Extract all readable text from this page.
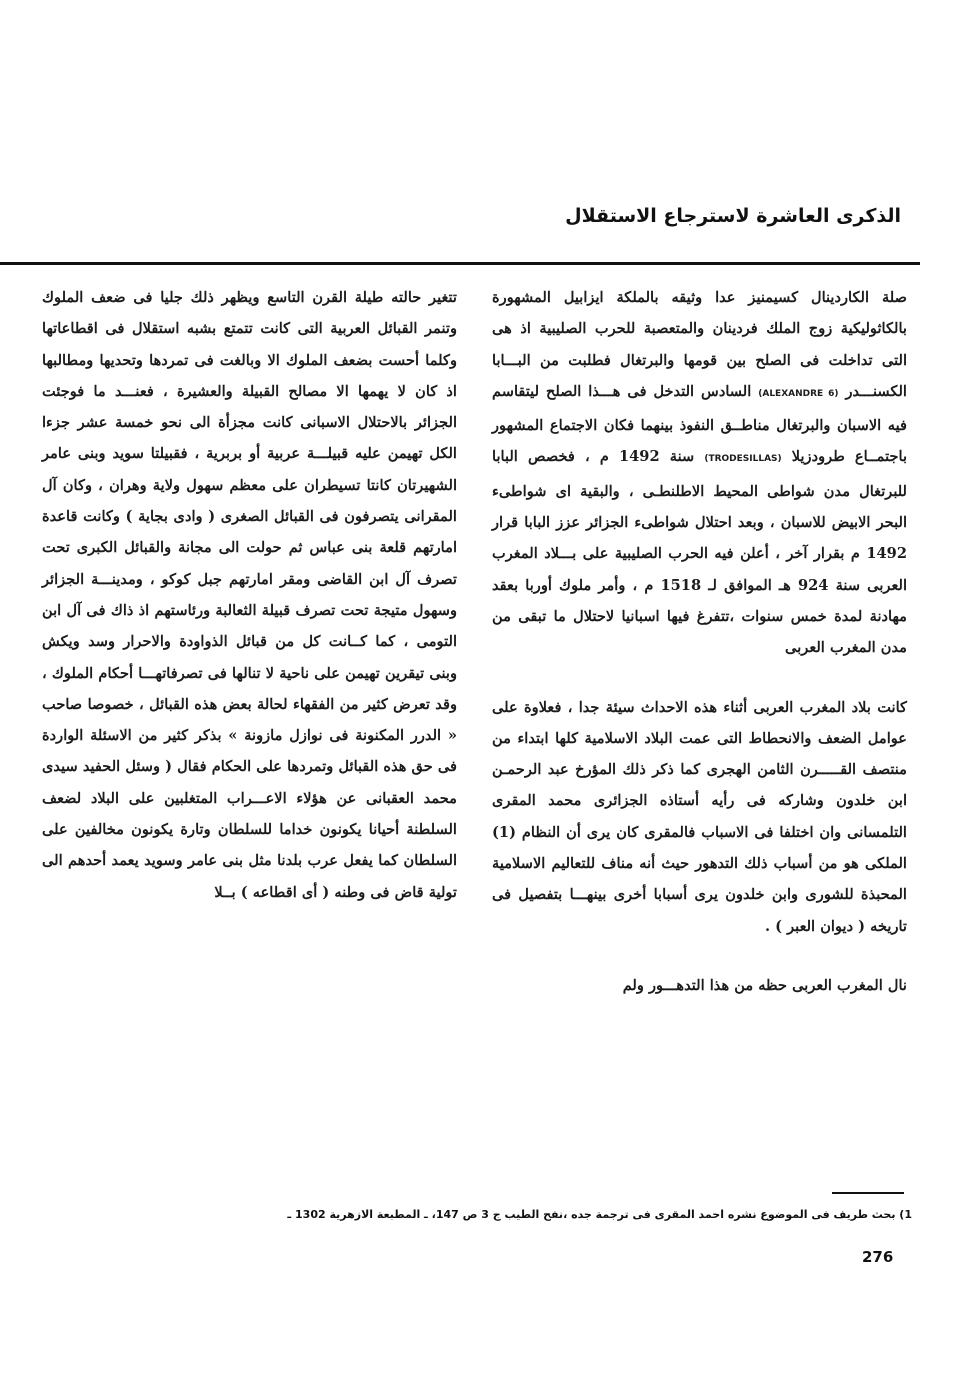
الذكرى العاشرة لاسترجاع الاستقلال

صلة الكاردينال كسيمنيز عدا وثيقه بالملكة ايزابيل المشهورة بالكاثوليكية زوج الملك فردينان والمتعصبة للحرب الصليبية اذ هى التى تداخلت فى الصلح بين قومها والبرتغال فطلبت من البـــابا الكسنـــدر (ALEXANDRE 6) السادس التدخل فى هـــذا الصلح ليتقاسم فيه الاسبان والبرتغال مناطــق النفوذ بينهما فكان الاجتماع المشهور باجتمــاع طرودزيلا (TRODESILLAS) سنة 1492 م ، فخصص البابا للبرتغال مدن شواطى المحيط الاطلنطـى ، والبقية اى شواطىء البحر الابيض للاسبان ، وبعد احتلال شواطىء الجزائر عزز البابا قرار 1492 م بقرار آخر ، أعلن فيه الحرب الصليبية على بـــلاد المغرب العربى سنة 924 هـ الموافق لـ 1518 م ، وأمر ملوك أوربا بعقد مهادنة لمدة خمس سنوات ،تتفرغ فيها اسبانيا لاحتلال ما تبقى من مدن المغرب العربى

كانت بلاد المغرب العربى أثناء هذه الاحداث سيئة جدا ، فعلاوة على عوامل الضعف والانحطاط التى عمت البلاد الاسلامية كلها ابتداء من منتصف القـــــرن الثامن الهجرى كما ذكر ذلك المؤرخ عبد الرحمـن ابن خلدون وشاركه فى رأيه أستاذه الجزائرى محمد المقرى التلمسانى وان اختلفا فى الاسباب فالمقرى كان يرى أن النظام (1) الملكى هو من أسباب ذلك التدهور حيث أنه مناف للتعاليم الاسلامية المحبذة للشورى وابن خلدون يرى أسبابا أخرى بينهـــا بتفصيل فى تاريخه ( ديوان العبر ) .

نال المغرب العربى حظه من هذا التدهـــور ولم

تتغير حالته طيلة القرن التاسع ويظهر ذلك جليا فى ضعف الملوك وتنمر القبائل العربية التى كانت تتمتع بشبه استقلال فى اقطاعاتها وكلما أحست بضعف الملوك الا وبالغت فى تمردها وتحديها ومطالبها اذ كان لا يهمها الا مصالح القبيلة والعشيرة ، فعنـــد ما فوجئت الجزائر بالاحتلال الاسبانى كانت مجزأة الى نحو خمسة عشر جزءا الكل تهيمن عليه قبيلـــة عربية أو بربرية ، فقبيلتا سويد وبنى عامر الشهيرتان كانتا تسيطران على معظم سهول ولاية وهران ، وكان آل المقرانى يتصرفون فى القبائل الصغرى ( وادى بجاية ) وكانت قاعدة امارتهم قلعة بنى عباس ثم حولت الى مجانة والقبائل الكبرى تحت تصرف آل ابن القاضى ومقر امارتهم جبل كوكو ، ومدينـــة الجزائر وسهول متيجة تحت تصرف قبيلة الثعالبة ورئاستهم اذ ذاك فى آل ابن التومى ، كما كــانت كل من قبائل الذواودة والاحرار وسد ويكش وبنى تيقرين تهيمن على ناحية لا تنالها فى تصرفاتهـــا أحكام الملوك ، وقد تعرض كثير من الفقهاء لحالة بعض هذه القبائل ، خصوصا صاحب « الدرر المكنونة فى نوازل مازونة » بذكر كثير من الاسئلة الواردة فى حق هذه القبائل وتمردها على الحكام فقال ( وسئل الحفيد سيدى محمد العقبانى عن هؤلاء الاعـــراب المتغلبين على البلاد لضعف السلطنة أحيانا يكونون خداما للسلطان وتارة يكونون مخالفين على السلطان كما يفعل عرب بلدنا مثل بنى عامر وسويد يعمد أحدهم الى تولية قاض فى وطنه ( أى اقطاعه ) بــلا

1) بحث طريف فى الموضوع نشره احمد المقرى فى ترجمة جده ،نفح الطيب ج 3 ص 147، ـ المطبعة الازهرية 1302 ـ
276
